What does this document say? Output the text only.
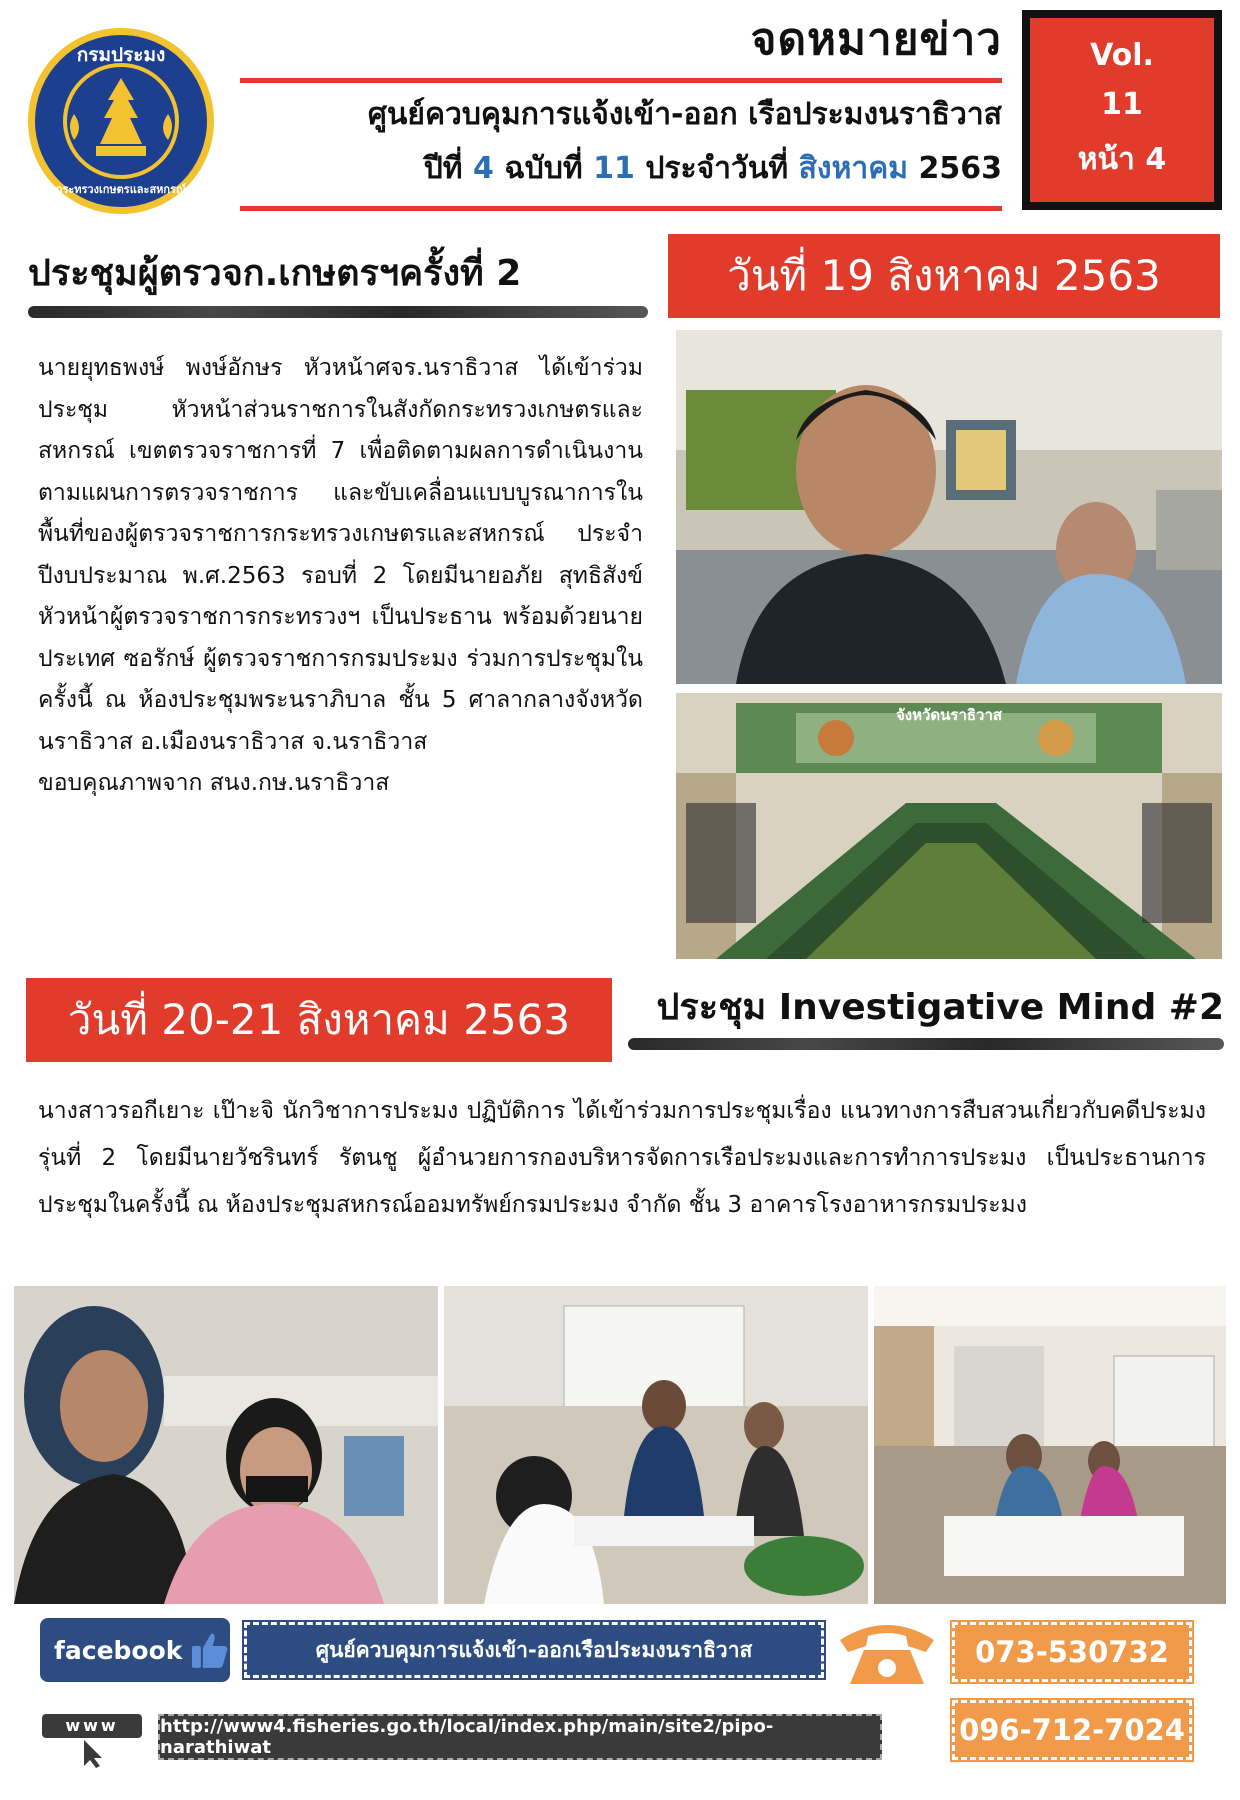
กรมประมง
กระทรวงเกษตรและสหกรณ์
จดหมายข่าว
ศูนย์ควบคุมการแจ้งเข้า-ออก เรือประมงนราธิวาส
ปีที่ 4 ฉบับที่ 11 ประจำวันที่ สิงหาคม 2563
Vol.
11
หน้า 4
ประชุมผู้ตรวจก.เกษตรฯครั้งที่ 2	วันที่ 19 สิงหาคม 2563

นายยุทธพงษ์ พงษ์อักษร หัวหน้าศจร.นราธิวาส ได้เข้าร่วมประชุม หัวหน้าส่วนราชการในสังกัดกระทรวงเกษตรและสหกรณ์ เขตตรวจราชการที่ 7 เพื่อติดตามผลการดำเนินงานตามแผนการตรวจราชการ และขับเคลื่อนแบบบูรณาการในพื้นที่ของผู้ตรวจราชการกระทรวงเกษตรและสหกรณ์ ประจำปีงบประมาณ พ.ศ.2563 รอบที่ 2 โดยมีนายอภัย สุทธิสังข์ หัวหน้าผู้ตรวจราชการกระทรวงฯ เป็นประธาน พร้อมด้วยนายประเทศ ซอรักษ์ ผู้ตรวจราชการกรมประมง ร่วมการประชุมในครั้งนี้ ณ ห้องประชุมพระนราภิบาล ชั้น 5 ศาลากลางจังหวัดนราธิวาส อ.เมืองนราธิวาส จ.นราธิวาส

ขอบคุณภาพจาก สนง.กษ.นราธิวาส

จังหวัดนราธิวาส
วันที่ 20-21 สิงหาคม 2563	ประชุม Investigative Mind #2
นางสาวรอกีเยาะ เป๊าะจิ นักวิชาการประมง ปฏิบัติการ ได้เข้าร่วมการประชุมเรื่อง แนวทางการสืบสวนเกี่ยวกับคดีประมง รุ่นที่ 2 โดยมีนายวัชรินทร์ รัตนชู ผู้อำนวยการกองบริหารจัดการเรือประมงและการทำการประมง เป็นประธานการประชุมในครั้งนี้ ณ ห้องประชุมสหกรณ์ออมทรัพย์กรมประมง จำกัด ชั้น 3 อาคารโรงอาหารกรมประมง
facebook	ศูนย์ควบคุมการแจ้งเข้า-ออกเรือประมงนราธิวาส	073-530732
096-712-7024
www	http://www4.fisheries.go.th/local/index.php/main/site2/pipo-narathiwat
